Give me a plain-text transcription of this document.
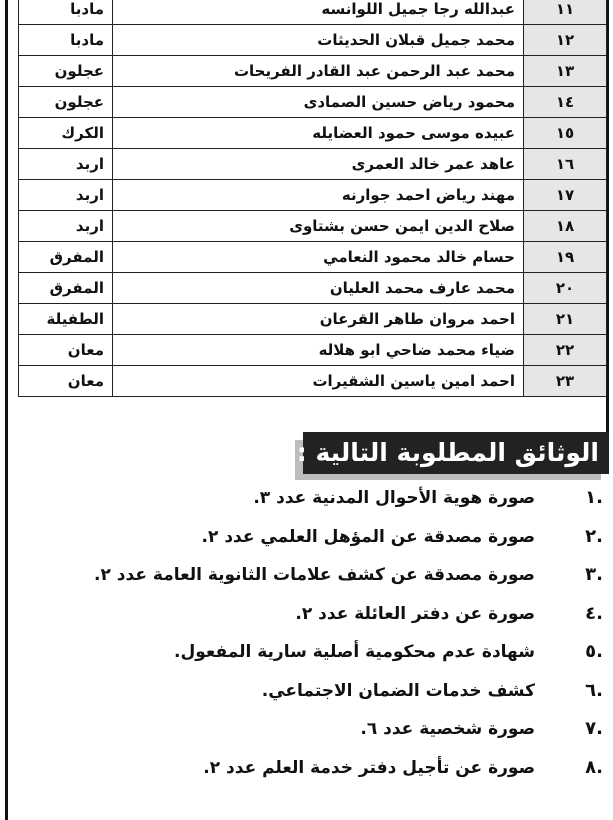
١١	عبدالله رجا جميل اللوانسه	مادبا
١٢	محمد جميل قبلان الحديثات	مادبا
١٣	محمد عبد الرحمن عبد القادر الفريحات	عجلون
١٤	محمود رياض حسين الصمادى	عجلون
١٥	عبيده موسى حمود العضايله	الكرك
١٦	عاهد عمر خالد العمرى	اربد
١٧	مهند رياض احمد جوارنه	اربد
١٨	صلاح الدين ايمن حسن بشتاوى	اربد
١٩	حسام خالد محمود النعامي	المفرق
٢٠	محمد عارف محمد العليان	المفرق
٢١	احمد مروان طاهر القرعان	الطفيلة
٢٢	ضياء محمد ضاحي ابو هلاله	معان
٢٣	احمد امين ياسين الشقيرات	معان
الوثائق المطلوبة التالية :
.١
صورة هوية الأحوال المدنية عدد ٣.
.٢
صورة مصدقة عن المؤهل العلمي عدد ٢.
.٣
صورة مصدقة عن كشف علامات الثانوية العامة عدد ٢.
.٤
صورة عن دفتر العائلة عدد ٢.
.٥
شهادة عدم محكومية أصلية سارية المفعول.
.٦
كشف خدمات الضمان الاجتماعي.
.٧
صورة شخصية عدد ٦.
.٨
صورة عن تأجيل دفتر خدمة العلم عدد ٢.
